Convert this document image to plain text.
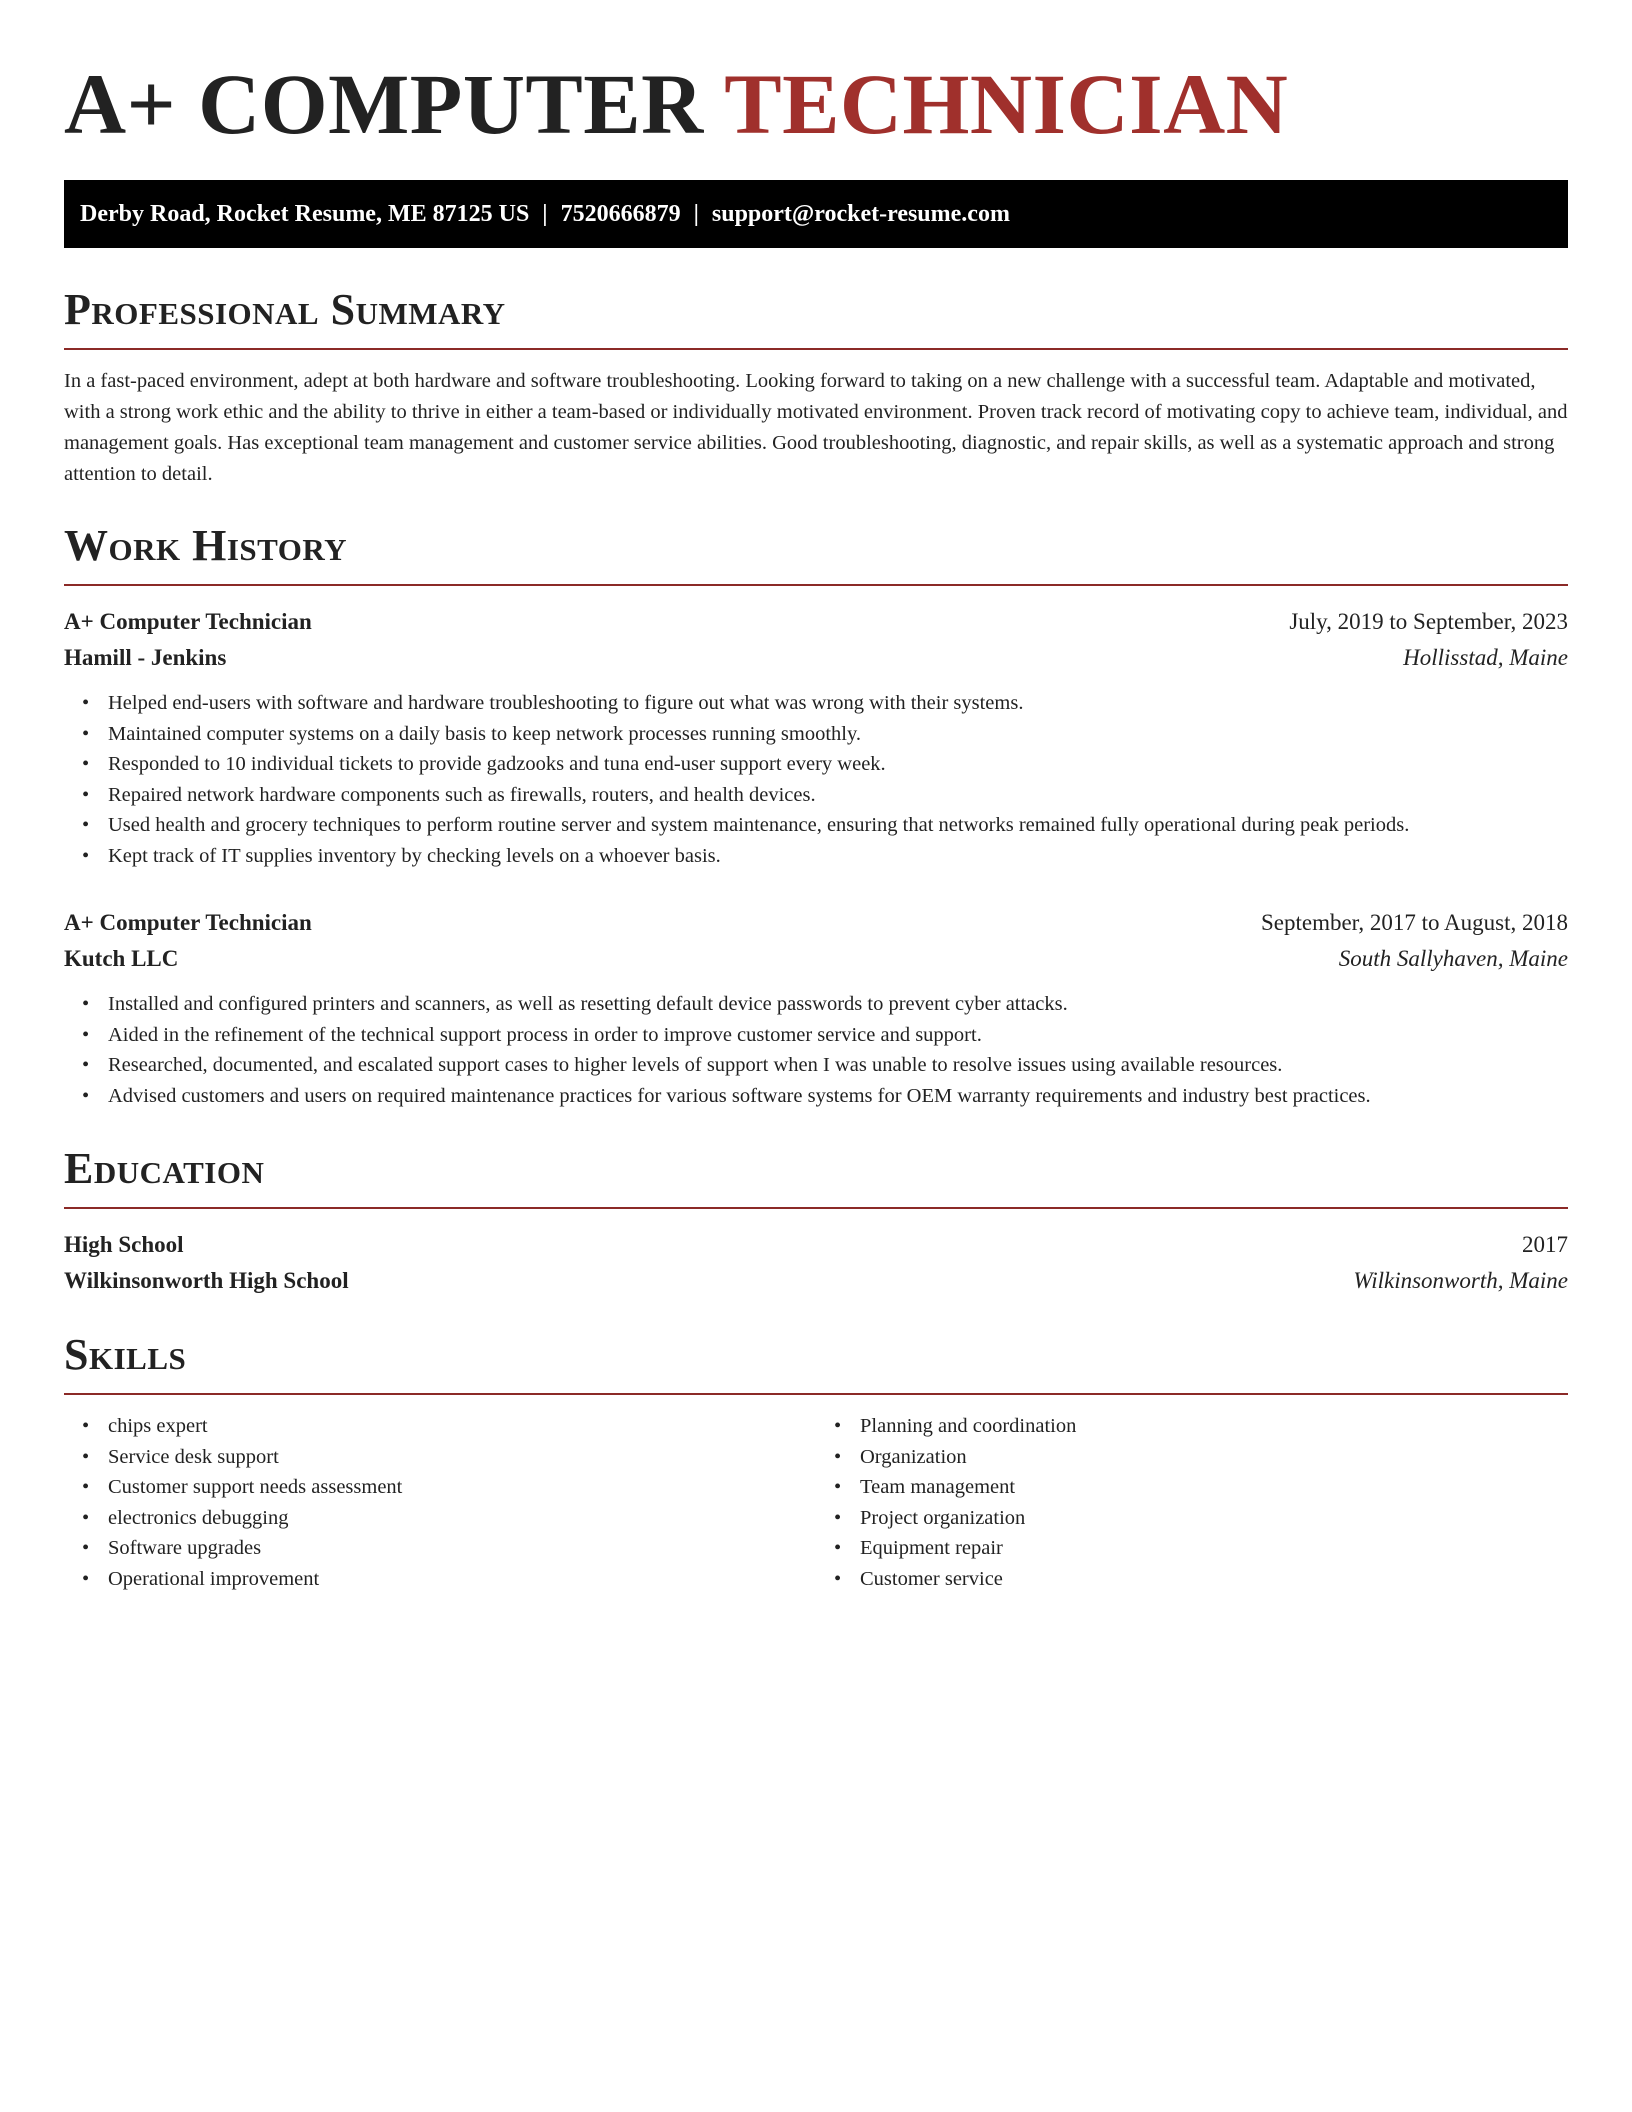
A+ COMPUTER TECHNICIAN
Derby Road, Rocket Resume, ME 87125 US | 7520666879 | support@rocket-resume.com
Professional Summary

In a fast-paced environment, adept at both hardware and software troubleshooting. Looking forward to taking on a new challenge with a successful team. Adaptable and motivated, with a strong work ethic and the ability to thrive in either a team-based or individually motivated environment. Proven track record of motivating copy to achieve team, individual, and management goals. Has exceptional team management and customer service abilities. Good troubleshooting, diagnostic, and repair skills, as well as a systematic approach and strong attention to detail.

Work History
A+ Computer Technician	July, 2019 to September, 2023
Hamill - Jenkins	Hollisstad, Maine
• Helped end-users with software and hardware troubleshooting to figure out what was wrong with their systems.
• Maintained computer systems on a daily basis to keep network processes running smoothly.
• Responded to 10 individual tickets to provide gadzooks and tuna end-user support every week.
• Repaired network hardware components such as firewalls, routers, and health devices.
• Used health and grocery techniques to perform routine server and system maintenance, ensuring that networks remained fully operational during peak periods.
• Kept track of IT supplies inventory by checking levels on a whoever basis.
A+ Computer Technician	September, 2017 to August, 2018
Kutch LLC	South Sallyhaven, Maine
• Installed and configured printers and scanners, as well as resetting default device passwords to prevent cyber attacks.
• Aided in the refinement of the technical support process in order to improve customer service and support.
• Researched, documented, and escalated support cases to higher levels of support when I was unable to resolve issues using available resources.
• Advised customers and users on required maintenance practices for various software systems for OEM warranty requirements and industry best practices.
Education
High School	2017
Wilkinsonworth High School	Wilkinsonworth, Maine
Skills
• chips expert
• Service desk support
• Customer support needs assessment
• electronics debugging
• Software upgrades
• Operational improvement
• Planning and coordination
• Organization
• Team management
• Project organization
• Equipment repair
• Customer service
